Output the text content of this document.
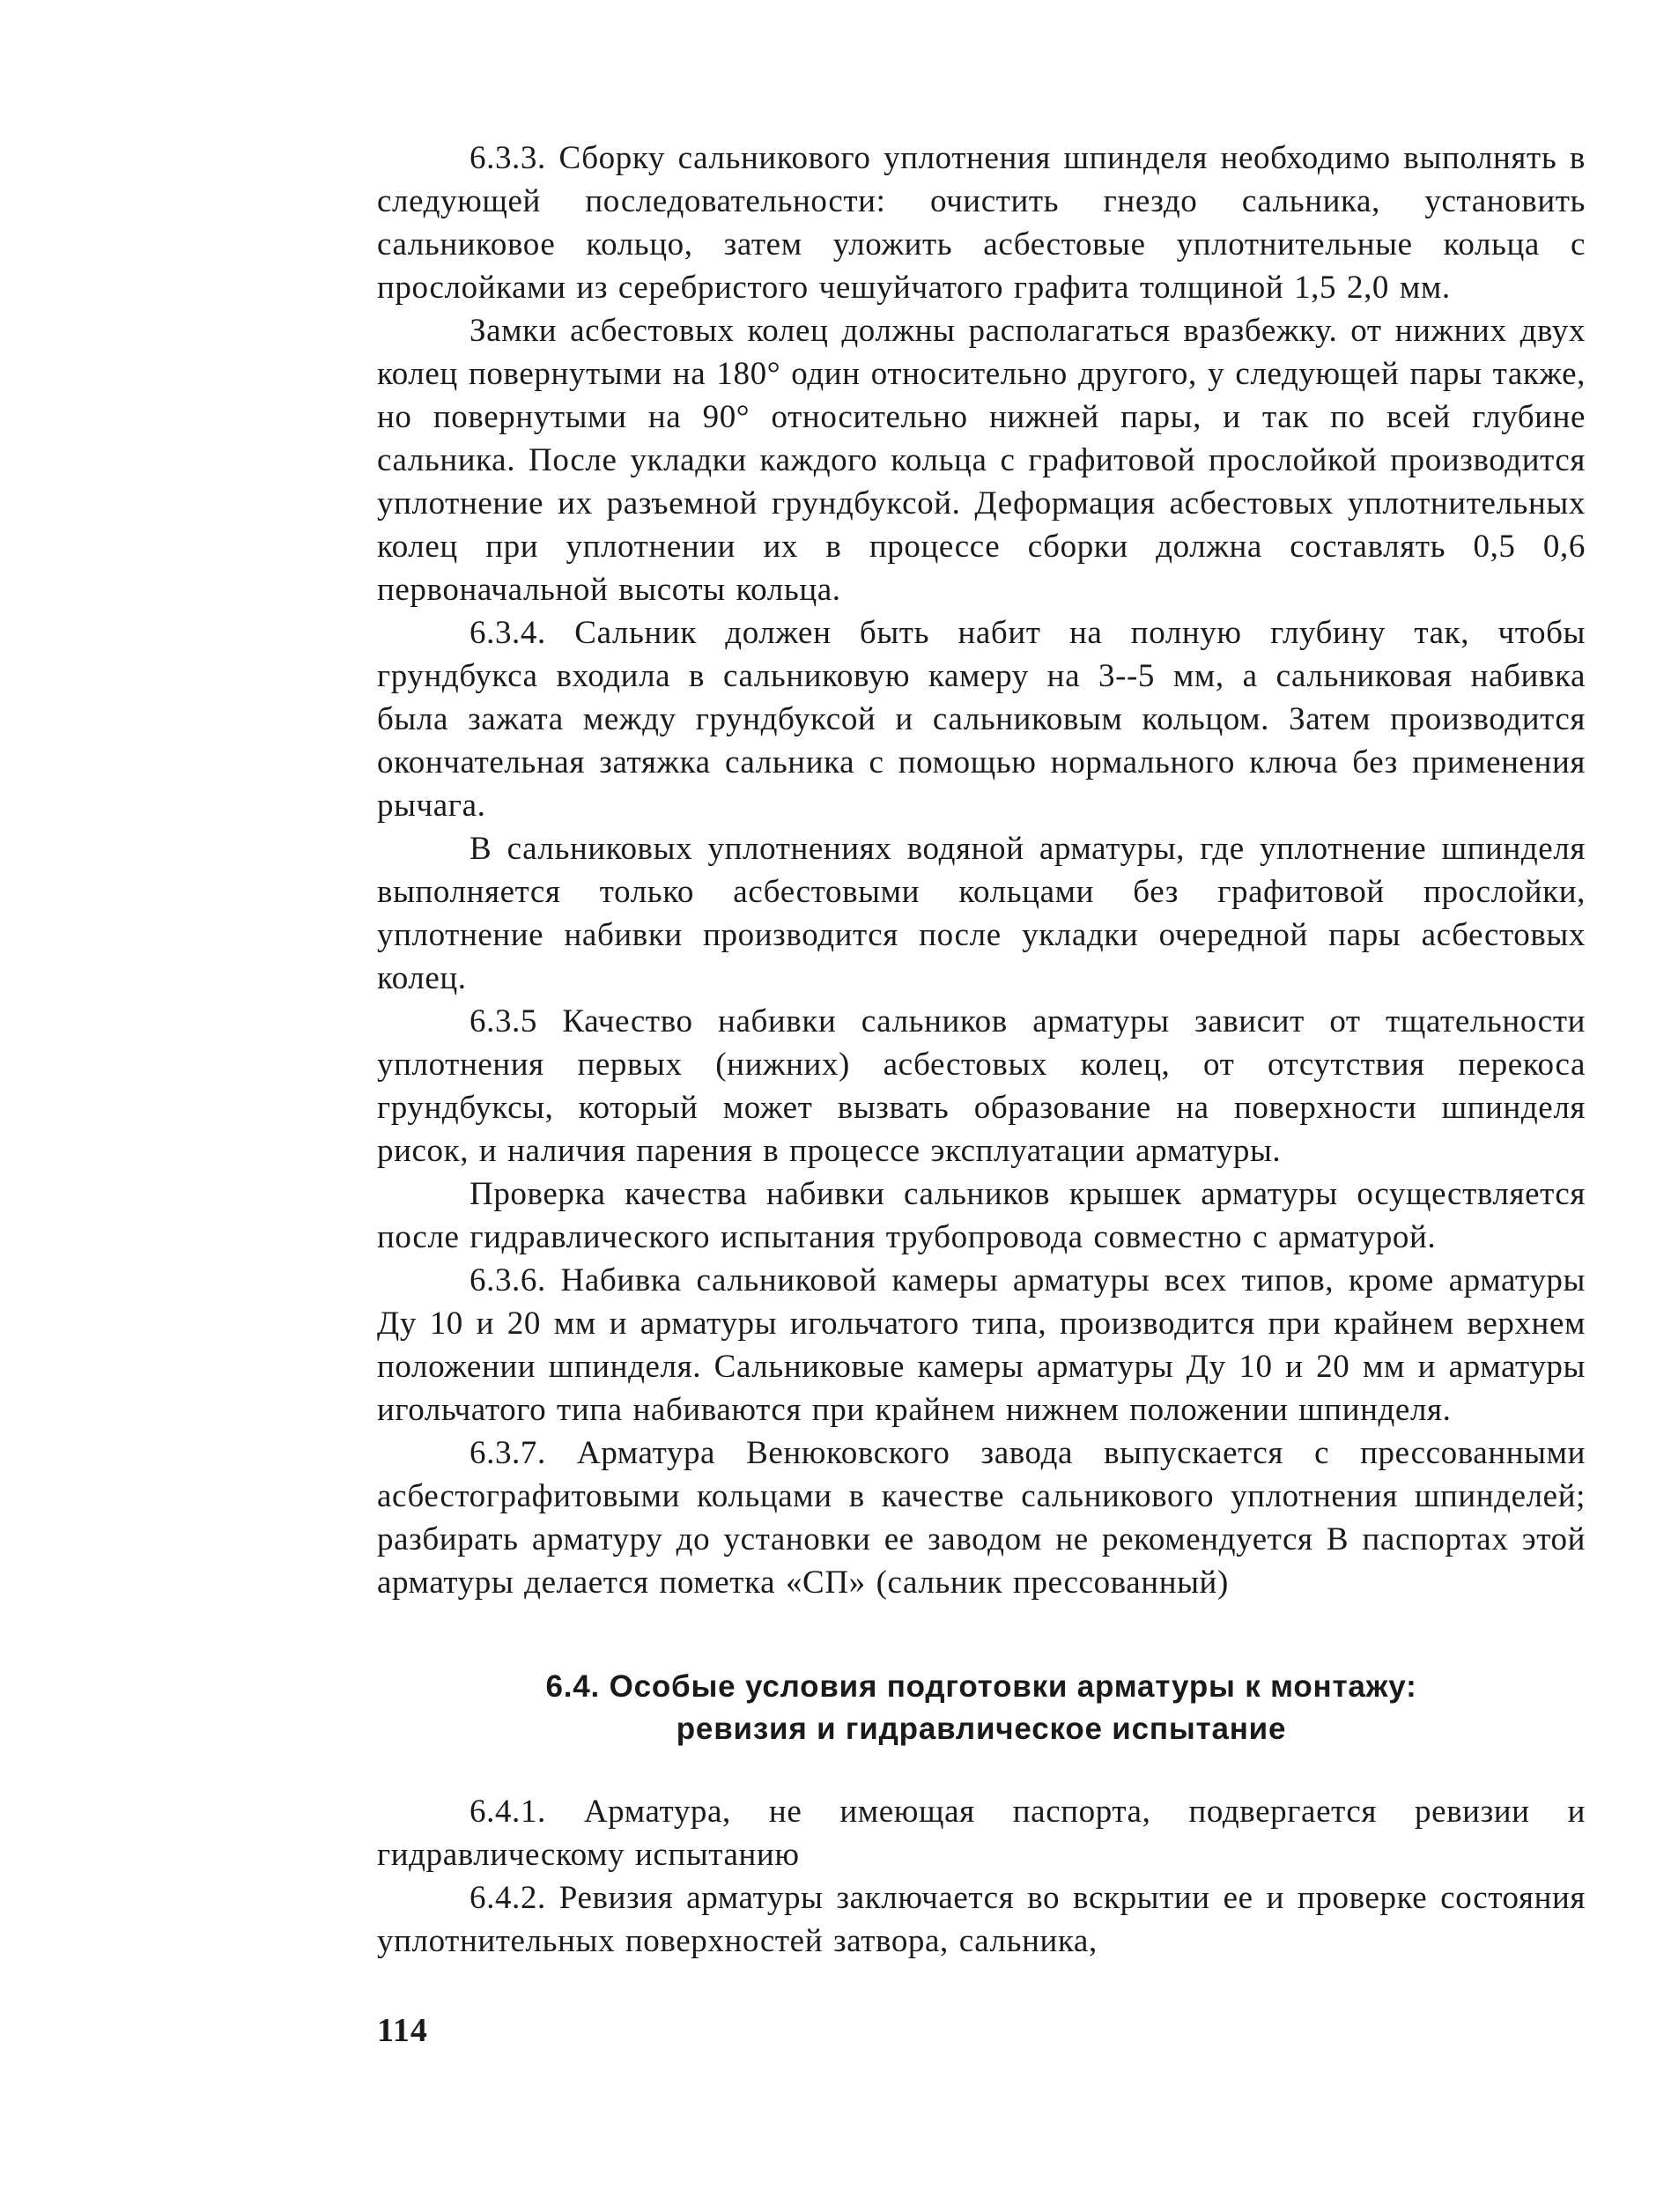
6.3.3. Сборку сальникового уплотнения шпинделя необходимо выполнять в следующей последовательности: очистить гнездо сальника, установить сальниковое кольцо, затем уложить асбестовые уплотнительные кольца с прослойками из серебристого чешуйчатого графита толщиной 1,5 2,0 мм.

Замки асбестовых колец должны располагаться вразбежку. от нижних двух колец повернутыми на 180° один относительно другого, у следующей пары также, но повернутыми на 90° относительно нижней пары, и так по всей глубине сальника. После укладки каждого кольца с графитовой прослойкой производится уплотнение их разъемной грундбуксой. Деформация асбестовых уплотнительных колец при уплотнении их в процессе сборки должна составлять 0,5 0,6 первоначальной высоты кольца.

6.3.4. Сальник должен быть набит на полную глубину так, чтобы грундбукса входила в сальниковую камеру на 3--5 мм, а сальниковая набивка была зажата между грундбуксой и сальниковым кольцом. Затем производится окончательная затяжка сальника с помощью нормального ключа без применения рычага.

В сальниковых уплотнениях водяной арматуры, где уплотнение шпинделя выполняется только асбестовыми кольцами без графитовой прослойки, уплотнение набивки производится после укладки очередной пары асбестовых колец.

6.3.5 Качество набивки сальников арматуры зависит от тщательности уплотнения первых (нижних) асбестовых колец, от отсутствия перекоса грундбуксы, который может вызвать образование на поверхности шпинделя рисок, и наличия парения в процессе эксплуатации арматуры.

Проверка качества набивки сальников крышек арматуры осуществляется после гидравлического испытания трубопровода совместно с арматурой.

6.3.6. Набивка сальниковой камеры арматуры всех типов, кроме арматуры Ду 10 и 20 мм и арматуры игольчатого типа, производится при крайнем верхнем положении шпинделя. Сальниковые камеры арматуры Ду 10 и 20 мм и арматуры игольчатого типа набиваются при крайнем нижнем положении шпинделя.

6.3.7. Арматура Венюковского завода выпускается с прессованными асбестографитовыми кольцами в качестве сальникового уплотнения шпинделей; разбирать арматуру до установки ее заводом не рекомендуется В паспортах этой арматуры делается пометка «СП» (сальник прессованный)

6.4. Особые условия подготовки арматуры к монтажу:
ревизия и гидравлическое испытание

6.4.1. Арматура, не имеющая паспорта, подвергается ревизии и гидравлическому испытанию

6.4.2. Ревизия арматуры заключается во вскрытии ее и проверке состояния уплотнительных поверхностей затвора, сальника,

114
